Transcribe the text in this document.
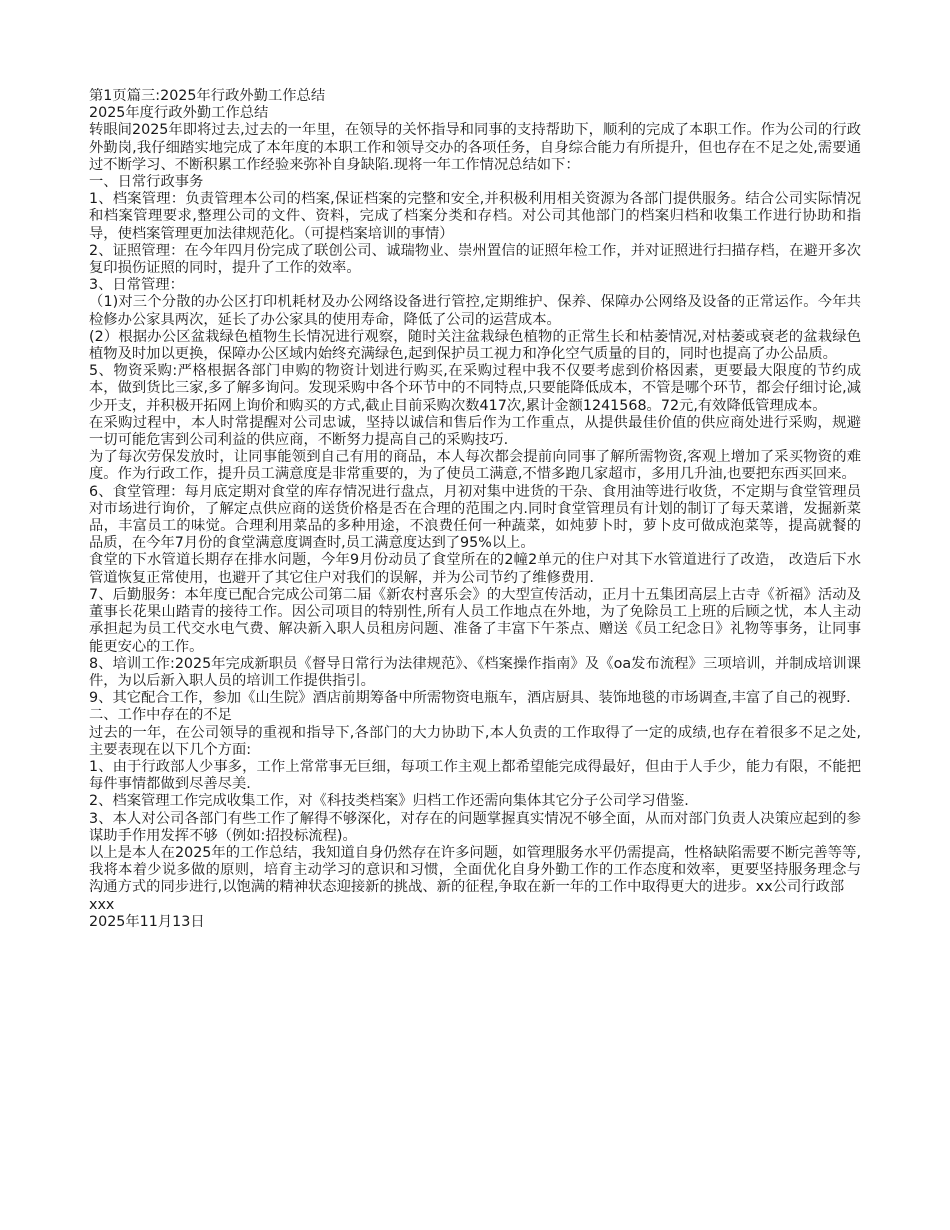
第1页篇三:2025年行政外勤工作总结

2025年度行政外勤工作总结

转眼间2025年即将过去,过去的一年里，在领导的关怀指导和同事的支持帮助下，顺利的完成了本职工作。作为公司的行政外勤岗,我仔细踏实地完成了本年度的本职工作和领导交办的各项任务，自身综合能力有所提升，但也存在不足之处,需要通过不断学习、不断积累工作经验来弥补自身缺陷.现将一年工作情况总结如下：

一、日常行政事务

1、档案管理：负责管理本公司的档案,保证档案的完整和安全,并积极利用相关资源为各部门提供服务。结合公司实际情况和档案管理要求,整理公司的文件、资料，完成了档案分类和存档。对公司其他部门的档案归档和收集工作进行协助和指导，使档案管理更加法律规范化。（可提档案培训的事情）

2、证照管理：在今年四月份完成了联创公司、诚瑞物业、崇州置信的证照年检工作，并对证照进行扫描存档，在避开多次复印损伤证照的同时，提升了工作的效率。

3、日常管理：

（1)对三个分散的办公区打印机耗材及办公网络设备进行管控,定期维护、保养、保障办公网络及设备的正常运作。今年共检修办公家具两次，延长了办公家具的使用寿命，降低了公司的运营成本。

(2）根据办公区盆栽绿色植物生长情况进行观察，随时关注盆栽绿色植物的正常生长和枯萎情况,对枯萎或衰老的盆栽绿色植物及时加以更换，保障办公区域内始终充满绿色,起到保护员工视力和净化空气质量的目的，同时也提高了办公品质。

5、物资采购:严格根据各部门申购的物资计划进行购买,在采购过程中我不仅要考虑到价格因素，更要最大限度的节约成本，做到货比三家,多了解多询问。发现采购中各个环节中的不同特点,只要能降低成本，不管是哪个环节，都会仔细讨论,减少开支，并积极开拓网上询价和购买的方式,截止目前采购次数417次,累计金额1241568。72元,有效降低管理成本。

在采购过程中，本人时常提醒对公司忠诚，坚持以诚信和售后作为工作重点，从提供最佳价值的供应商处进行采购，规避一切可能危害到公司利益的供应商，不断努力提高自己的采购技巧.

为了每次劳保发放时，让同事能领到自己有用的商品，本人每次都会提前向同事了解所需物资,客观上增加了采买物资的难度。作为行政工作，提升员工满意度是非常重要的，为了使员工满意,不惜多跑几家超市，多用几升油,也要把东西买回来。

6、食堂管理：每月底定期对食堂的库存情况进行盘点，月初对集中进货的干杂、食用油等进行收货，不定期与食堂管理员对市场进行询价，了解定点供应商的送货价格是否在合理的范围之内.同时食堂管理员有计划的制订了每天菜谱，发掘新菜品，丰富员工的味觉。合理利用菜品的多种用途，不浪费任何一种蔬菜，如炖萝卜时，萝卜皮可做成泡菜等，提高就餐的品质，在今年7月份的食堂满意度调查时,员工满意度达到了95%以上。

食堂的下水管道长期存在排水问题，今年9月份动员了食堂所在的2幢2单元的住户对其下水管道进行了改造， 改造后下水管道恢复正常使用，也避开了其它住户对我们的误解，并为公司节约了维修费用.

7、后勤服务：本年度已配合完成公司第二届《新农村喜乐会》的大型宣传活动，正月十五集团高层上古寺《祈福》活动及董事长花果山踏青的接待工作。因公司项目的特别性,所有人员工作地点在外地，为了免除员工上班的后顾之忧，本人主动承担起为员工代交水电气费、解决新入职人员租房问题、准备了丰富下午茶点、赠送《员工纪念日》礼物等事务，让同事能更安心的工作。

8、培训工作:2025年完成新职员《督导日常行为法律规范》、《档案操作指南》及《oa发布流程》三项培训，并制成培训课件，为以后新入职人员的培训工作提供指引。

9、其它配合工作，参加《山生院》酒店前期筹备中所需物资电瓶车，酒店厨具、装饰地毯的市场调查,丰富了自己的视野.

二、工作中存在的不足

过去的一年，在公司领导的重视和指导下,各部门的大力协助下,本人负责的工作取得了一定的成绩,也存在着很多不足之处,主要表现在以下几个方面:

1、由于行政部人少事多，工作上常常事无巨细，每项工作主观上都希望能完成得最好，但由于人手少，能力有限，不能把每件事情都做到尽善尽美.

2、档案管理工作完成收集工作，对《科技类档案》归档工作还需向集体其它分子公司学习借鉴.

3、本人对公司各部门有些工作了解得不够深化，对存在的问题掌握真实情况不够全面，从而对部门负责人决策应起到的参谋助手作用发挥不够（例如:招投标流程)。

以上是本人在2025年的工作总结，我知道自身仍然存在许多问题，如管理服务水平仍需提高，性格缺陷需要不断完善等等,我将本着少说多做的原则，培育主动学习的意识和习惯，全面优化自身外勤工作的工作态度和效率，更要坚持服务理念与沟通方式的同步进行,以饱满的精神状态迎接新的挑战、新的征程,争取在新一年的工作中取得更大的进步。xx公司行政部

xxx

2025年11月13日
